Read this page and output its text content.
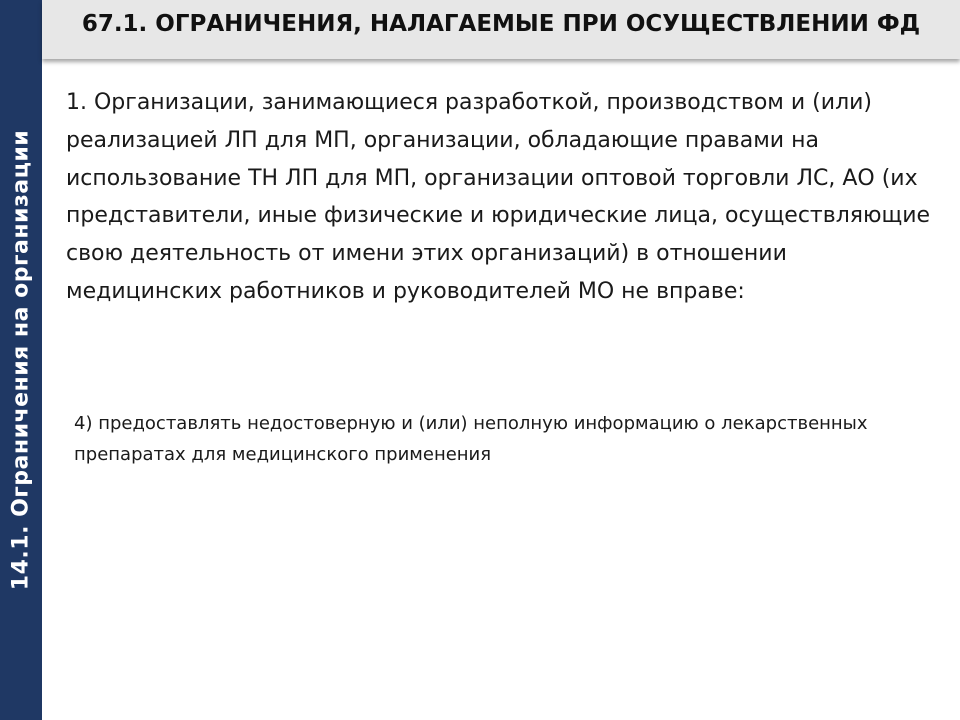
14.1. Ограничения на организации
67.1. ОГРАНИЧЕНИЯ, НАЛАГАЕМЫЕ ПРИ ОСУЩЕСТВЛЕНИИ ФД
1. Организации, занимающиеся разработкой, производством и (или) реализацией ЛП для МП, организации, обладающие правами на использование ТН ЛП для МП, организации оптовой торговли ЛС, АО (их представители, иные физические и юридические лица, осуществляющие свою деятельность от имени этих организаций) в отношении медицинских работников и руководителей МО не вправе:
4) предоставлять недостоверную и (или) неполную информацию о лекарственных препаратах для медицинского применения
